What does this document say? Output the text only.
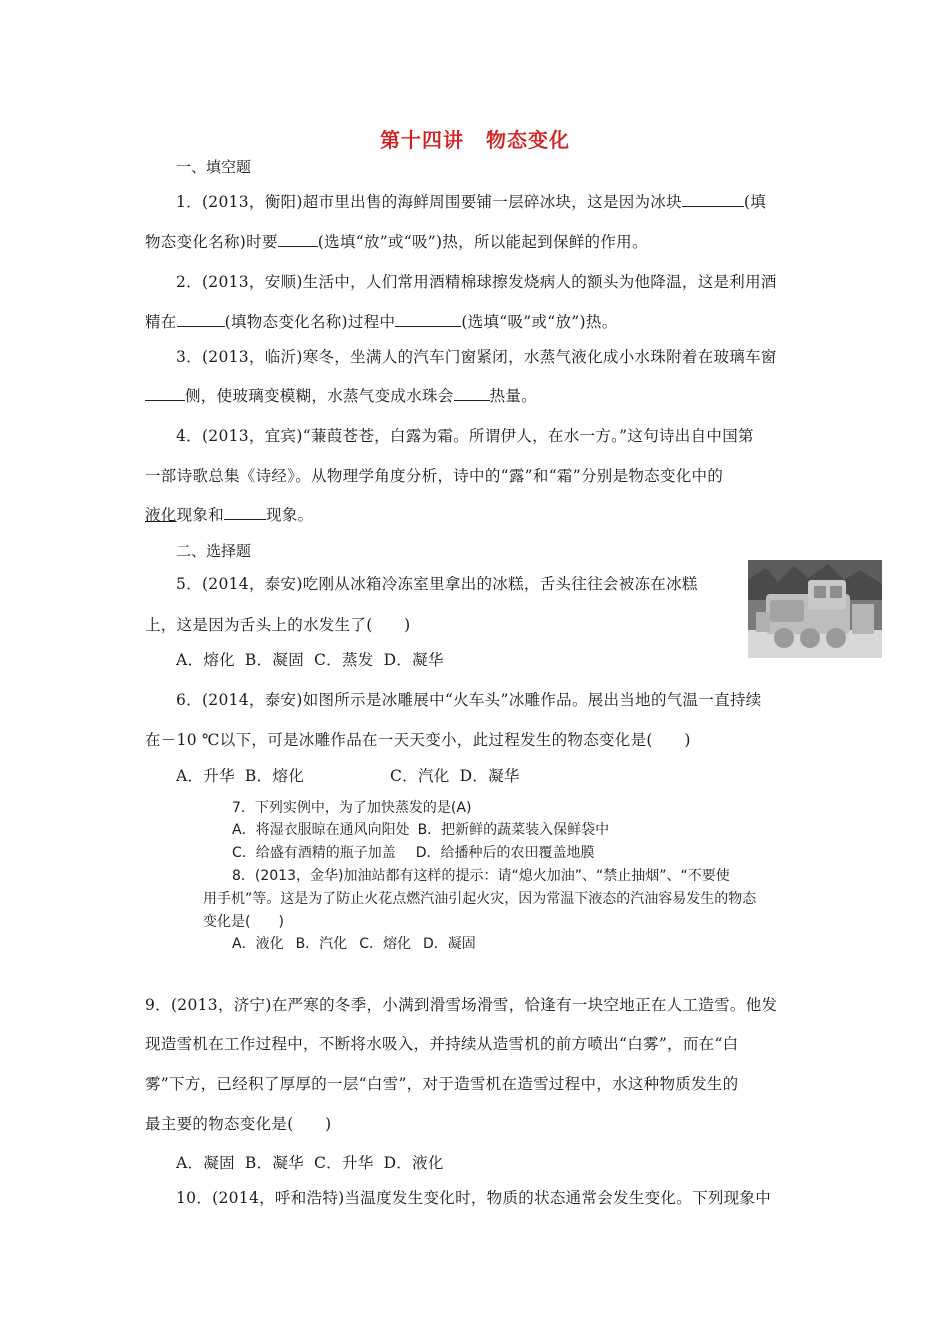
第十四讲 物态变化
一、填空题
1．(2013，衡阳)超市里出售的海鲜周围要铺一层碎冰块，这是因为冰块	(填
物态变化名称)时要	(选填“放”或“吸”)热，所以能起到保鲜的作用。
2．(2013，安顺)生活中，人们常用酒精棉球擦发烧病人的额头为他降温，这是利用酒
精在	(填物态变化名称)过程中	(选填“吸”或“放”)热。
3．(2013，临沂)寒冬，坐满人的汽车门窗紧闭，水蒸气液化成小水珠附着在玻璃车窗
侧，使玻璃变模糊，水蒸气变成水珠会 热量。
4．(2013，宜宾)“蒹葭苍苍，白露为霜。所谓伊人，在水一方。”这句诗出自中国第
一部诗歌总集《诗经》。从物理学角度分析，诗中的“露”和“霜”分别是物态变化中的
液化现象和	现象。
二、选择题
5．(2014，泰安)吃刚从冰箱冷冻室里拿出的冰糕，舌头往往会被冻在冰糕
上，这是因为舌头上的水发生了(　　)
A．熔化 B．凝固 C．蒸发 D．凝华
6．(2014，泰安)如图所示是冰雕展中“火车头”冰雕作品。展出当地的气温一直持续
在－10 ℃以下，可是冰雕作品在一天天变小，此过程发生的物态变化是(　　)
A．升华 B．熔化	C．汽化 D．凝华
7．下列实例中，为了加快蒸发的是(A)
A．将湿衣服晾在通风向阳处 B．把新鲜的蔬菜装入保鲜袋中
C．给盛有酒精的瓶子加盖 D．给播种后的农田覆盖地膜
8．(2013，金华)加油站都有这样的提示：请“熄火加油”、“禁止抽烟”、“不要使
用手机”等。这是为了防止火花点燃汽油引起火灾，因为常温下液态的汽油容易发生的物态
变化是(　　)
A．液化 B．汽化 C．熔化 D．凝固
9．(2013，济宁)在严寒的冬季，小满到滑雪场滑雪，恰逢有一块空地正在人工造雪。他发
现造雪机在工作过程中，不断将水吸入，并持续从造雪机的前方喷出“白雾”，而在“白
雾”下方，已经积了厚厚的一层“白雪”，对于造雪机在造雪过程中，水这种物质发生的
最主要的物态变化是(　　)
A．凝固 B．凝华 C．升华 D．液化
10．(2014，呼和浩特)当温度发生变化时，物质的状态通常会发生变化。下列现象中
